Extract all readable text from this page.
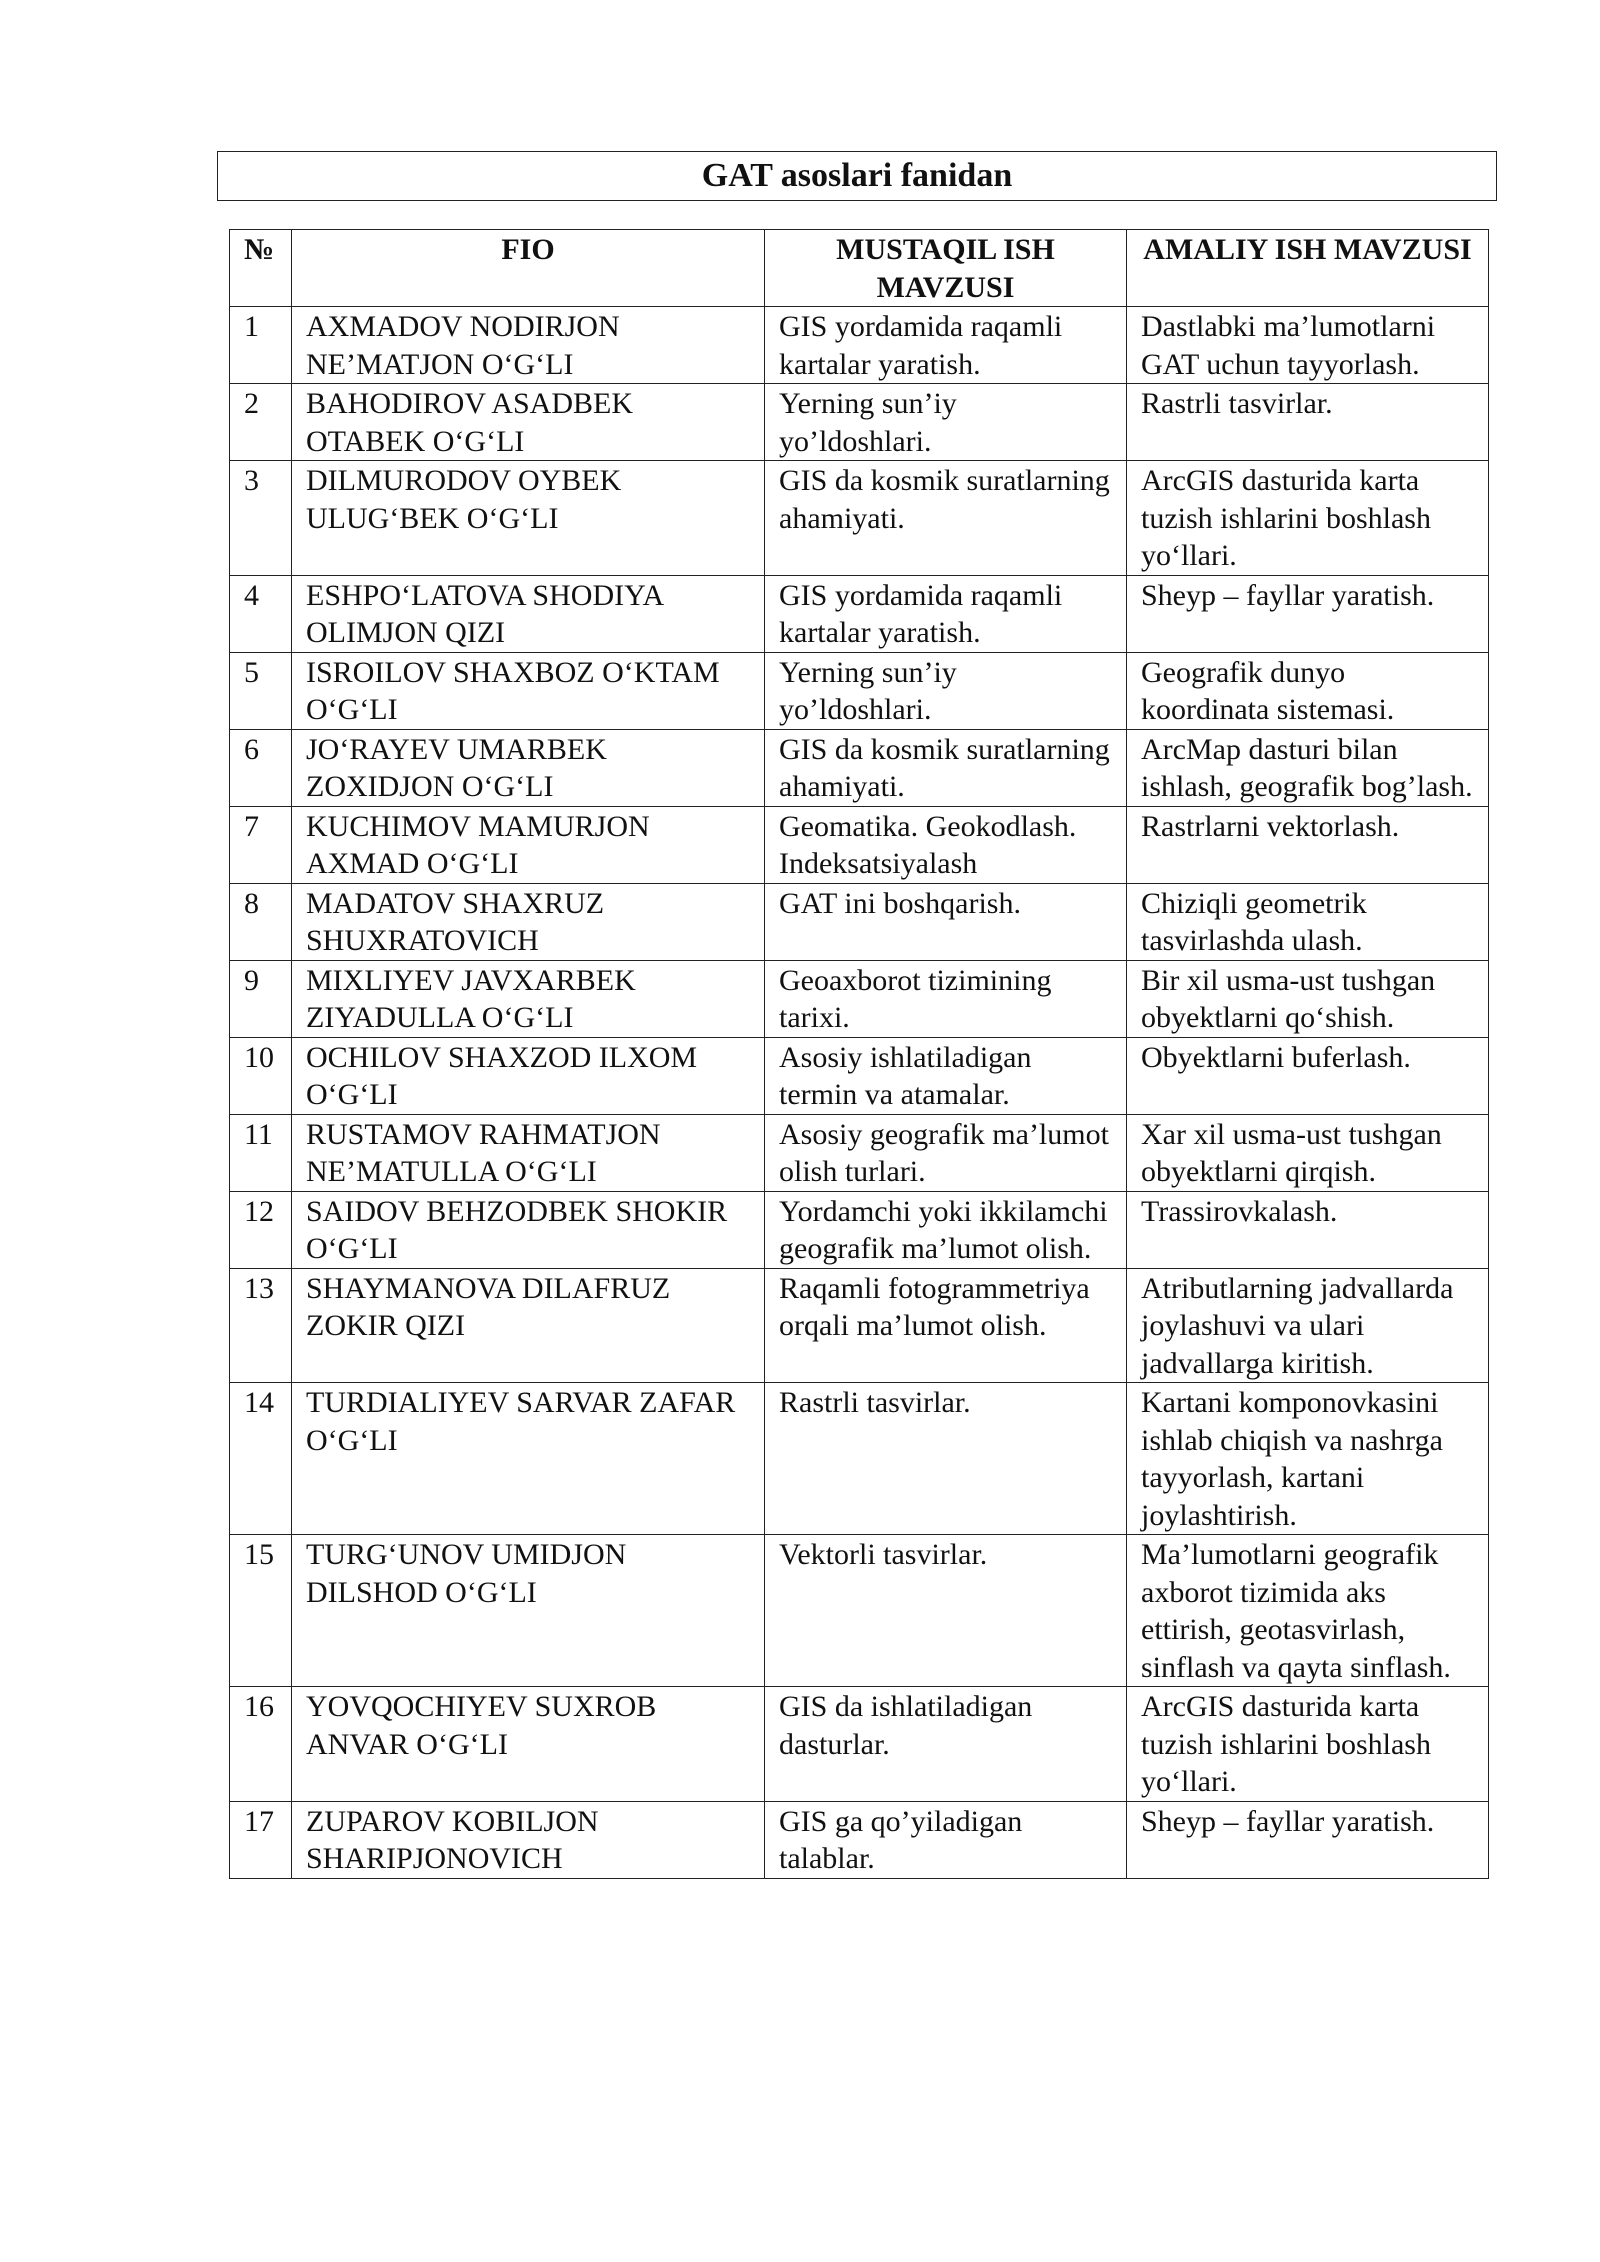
GAT asoslari fanidan
№	FIO	MUSTAQIL ISH MAVZUSI	AMALIY ISH MAVZUSI
1	AXMADOV NODIRJON NE’MATJON O‘G‘LI	GIS yordamida raqamli kartalar yaratish.	Dastlabki ma’lumotlarni GAT uchun tayyorlash.
2	BAHODIROV ASADBEK OTABEK O‘G‘LI	Yerning sun’iy yo’ldoshlari.	Rastrli tasvirlar.
3	DILMURODOV OYBEK ULUG‘BEK O‘G‘LI	GIS da kosmik suratlarning ahamiyati.	ArcGIS dasturida karta tuzish ishlarini boshlash yo‘llari.
4	ESHPO‘LATOVA SHODIYA OLIMJON QIZI	GIS yordamida raqamli kartalar yaratish.	Sheyp – fayllar yaratish.
5	ISROILOV SHAXBOZ O‘KTAM O‘G‘LI	Yerning sun’iy yo’ldoshlari.	Geografik dunyo koordinata sistemasi.
6	JO‘RAYEV UMARBEK ZOXIDJON O‘G‘LI	GIS da kosmik suratlarning ahamiyati.	ArcMap dasturi bilan ishlash, geografik bog’lash.
7	KUCHIMOV MAMURJON AXMAD O‘G‘LI	Geomatika. Geokodlash. Indeksatsiyalash	Rastrlarni vektorlash.
8	MADATOV SHAXRUZ SHUXRATOVICH	GAT ini boshqarish.	Chiziqli geometrik tasvirlashda ulash.
9	MIXLIYEV JAVXARBEK ZIYADULLA O‘G‘LI	Geoaxborot tizimining tarixi.	Bir xil usma-ust tushgan obyektlarni qo‘shish.
10	OCHILOV SHAXZOD ILXOM O‘G‘LI	Asosiy ishlatiladigan termin va atamalar.	Obyektlarni buferlash.
11	RUSTAMOV RAHMATJON NE’MATULLA O‘G‘LI	Asosiy geografik ma’lumot olish turlari.	Xar xil usma-ust tushgan obyektlarni qirqish.
12	SAIDOV BEHZODBEK SHOKIR O‘G‘LI	Yordamchi yoki ikkilamchi geografik ma’lumot olish.	Trassirovkalash.
13	SHAYMANOVA DILAFRUZ ZOKIR QIZI	Raqamli fotogrammetriya orqali ma’lumot olish.	Atributlarning jadvallarda joylashuvi va ulari jadvallarga kiritish.
14	TURDIALIYEV SARVAR ZAFAR O‘G‘LI	Rastrli tasvirlar.	Kartani komponovkasini ishlab chiqish va nashrga tayyorlash, kartani joylashtirish.
15	TURG‘UNOV UMIDJON DILSHOD O‘G‘LI	Vektorli tasvirlar.	Ma’lumotlarni geografik axborot tizimida aks ettirish, geotasvirlash, sinflash va qayta sinflash.
16	YOVQOCHIYEV SUXROB ANVAR O‘G‘LI	GIS da ishlatiladigan dasturlar.	ArcGIS dasturida karta tuzish ishlarini boshlash yo‘llari.
17	ZUPAROV KOBILJON SHARIPJONOVICH	GIS ga qo’yiladigan talablar.	Sheyp – fayllar yaratish.
